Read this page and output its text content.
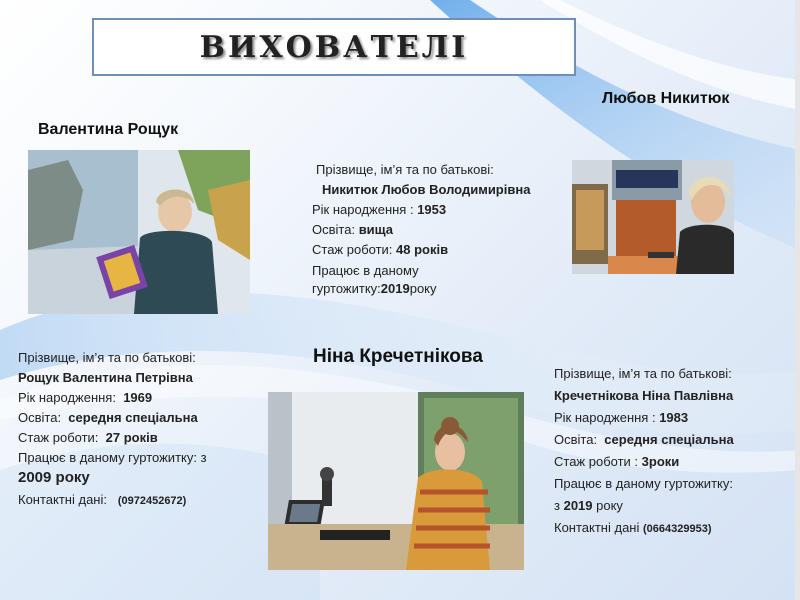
ВИХОВАТЕЛІ
Валентина Рощук
Прізвище, ім’я та по батькові:
Рощук Валентина Петрівна
Рік народження: 1969
Освіта: середня спеціальна
Стаж роботи: 27 років
Працює в даному гуртожитку: з
2009 року
Контактні дані: (0972452672)
Любов Никитюк
Прізвище, ім’я та по батькові:
Никитюк Любов Володимирівна
Рік народження : 1953
Освіта: вища
Стаж роботи: 48 років
Працює в даному
гуртожитку:2019року
Ніна Кречетнікова
Прізвище, ім’я та по батькові:
Кречетнікова Ніна Павлівна
Рік народження : 1983
Освіта: середня спеціальна
Стаж роботи : 3роки
Працює в даному гуртожитку:
з 2019 року
Контактні дані (0664329953)
